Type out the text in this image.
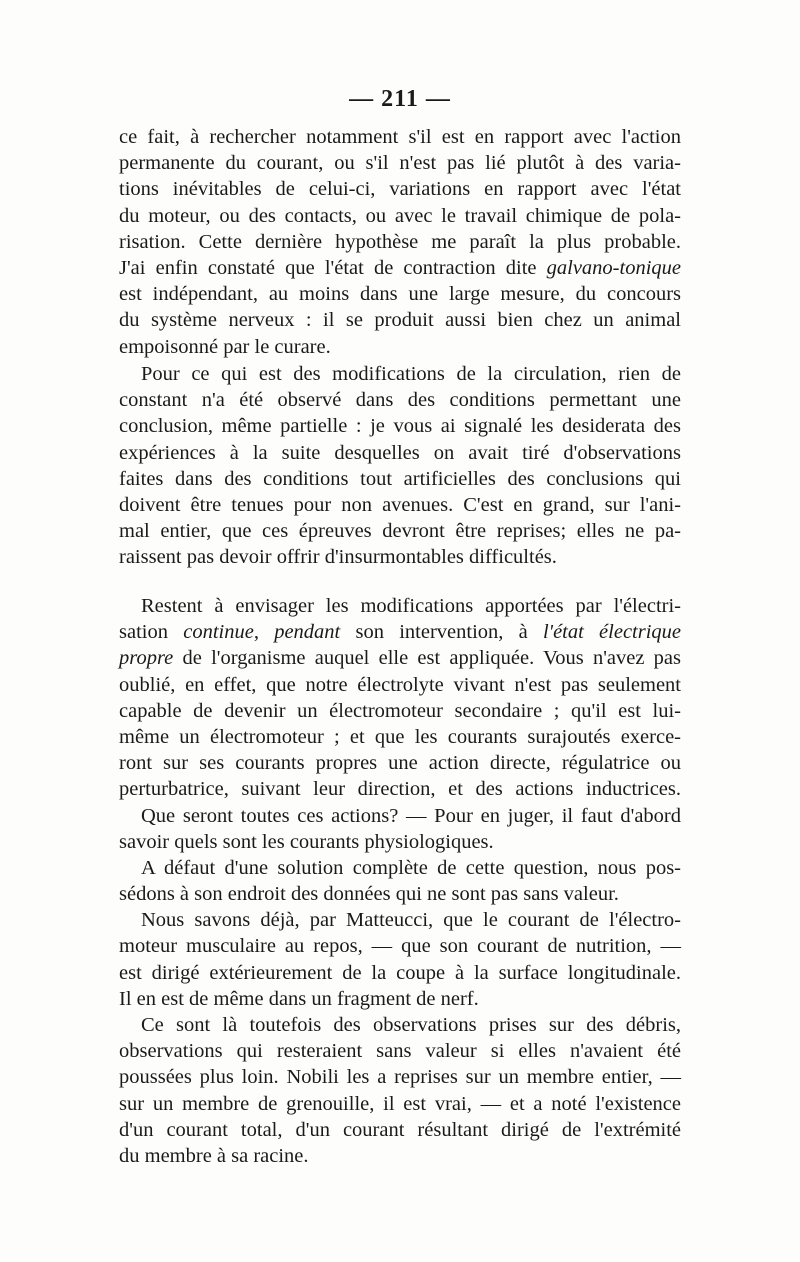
— 211 —
ce fait, à rechercher notamment s'il est en rapport avec l'action
permanente du courant, ou s'il n'est pas lié plutôt à des varia-
tions inévitables de celui-ci, variations en rapport avec l'état
du moteur, ou des contacts, ou avec le travail chimique de pola-
risation. Cette dernière hypothèse me paraît la plus probable.
J'ai enfin constaté que l'état de contraction dite galvano-tonique
est indépendant, au moins dans une large mesure, du concours
du système nerveux : il se produit aussi bien chez un animal
empoisonné par le curare.
Pour ce qui est des modifications de la circulation, rien de
constant n'a été observé dans des conditions permettant une
conclusion, même partielle : je vous ai signalé les desiderata des
expériences à la suite desquelles on avait tiré d'observations
faites dans des conditions tout artificielles des conclusions qui
doivent être tenues pour non avenues. C'est en grand, sur l'ani-
mal entier, que ces épreuves devront être reprises; elles ne pa-
raissent pas devoir offrir d'insurmontables difficultés.
Restent à envisager les modifications apportées par l'électri-
sation continue, pendant son intervention, à l'état électrique
propre de l'organisme auquel elle est appliquée. Vous n'avez pas
oublié, en effet, que notre électrolyte vivant n'est pas seulement
capable de devenir un électromoteur secondaire ; qu'il est lui-
même un électromoteur ; et que les courants surajoutés exerce-
ront sur ses courants propres une action directe, régulatrice ou
perturbatrice, suivant leur direction, et des actions inductrices.
Que seront toutes ces actions? — Pour en juger, il faut d'abord
savoir quels sont les courants physiologiques.
A défaut d'une solution complète de cette question, nous pos-
sédons à son endroit des données qui ne sont pas sans valeur.
Nous savons déjà, par Matteucci, que le courant de l'électro-
moteur musculaire au repos, — que son courant de nutrition, —
est dirigé extérieurement de la coupe à la surface longitudinale.
Il en est de même dans un fragment de nerf.
Ce sont là toutefois des observations prises sur des débris,
observations qui resteraient sans valeur si elles n'avaient été
poussées plus loin. Nobili les a reprises sur un membre entier, —
sur un membre de grenouille, il est vrai, — et a noté l'existence
d'un courant total, d'un courant résultant dirigé de l'extrémité
du membre à sa racine.
